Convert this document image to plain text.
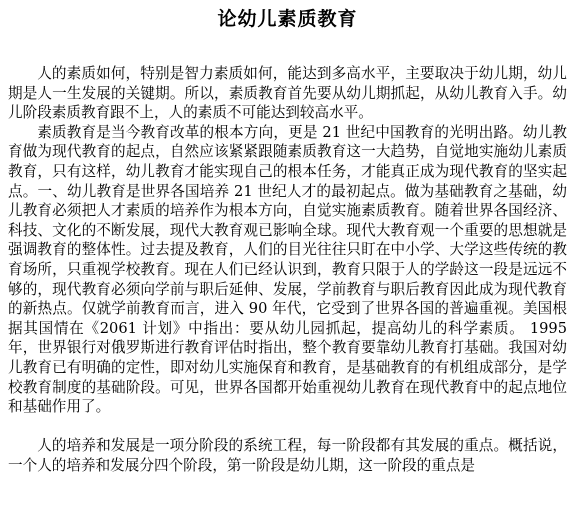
论幼儿素质教育

人的素质如何，特别是智力素质如何，能达到多高水平，主要取决于幼儿期，幼儿期是人一生发展的关键期。所以，素质教育首先要从幼儿期抓起，从幼儿教育入手。幼儿阶段素质教育跟不上，人的素质不可能达到较高水平。

素质教育是当今教育改革的根本方向，更是 21 世纪中国教育的光明出路。幼儿教育做为现代教育的起点，自然应该紧紧跟随素质教育这一大趋势，自觉地实施幼儿素质教育，只有这样，幼儿教育才能实现自己的根本任务，才能真正成为现代教育的坚实起点。一、幼儿教育是世界各国培养 21 世纪人才的最初起点。做为基础教育之基础，幼儿教育必须把人才素质的培养作为根本方向，自觉实施素质教育。随着世界各国经济、科技、文化的不断发展，现代大教育观已影响全球。现代大教育观一个重要的思想就是强调教育的整体性。过去提及教育，人们的目光往往只盯在中小学、大学这些传统的教育场所，只重视学校教育。现在人们已经认识到，教育只限于人的学龄这一段是远远不够的，现代教育必须向学前与职后延伸、发展，学前教育与职后教育因此成为现代教育的新热点。仅就学前教育而言，进入 90 年代，它受到了世界各国的普遍重视。美国根据其国情在《2061 计划》中指出：要从幼儿园抓起，提高幼儿的科学素质。 1995 年，世界银行对俄罗斯进行教育评估时指出，整个教育要靠幼儿教育打基础。我国对幼儿教育已有明确的定性，即对幼儿实施保育和教育，是基础教育的有机组成部分，是学校教育制度的基础阶段。可见，世界各国都开始重视幼儿教育在现代教育中的起点地位和基础作用了。

人的培养和发展是一项分阶段的系统工程，每一阶段都有其发展的重点。概括说，一个人的培养和发展分四个阶段，第一阶段是幼儿期，这一阶段的重点是
